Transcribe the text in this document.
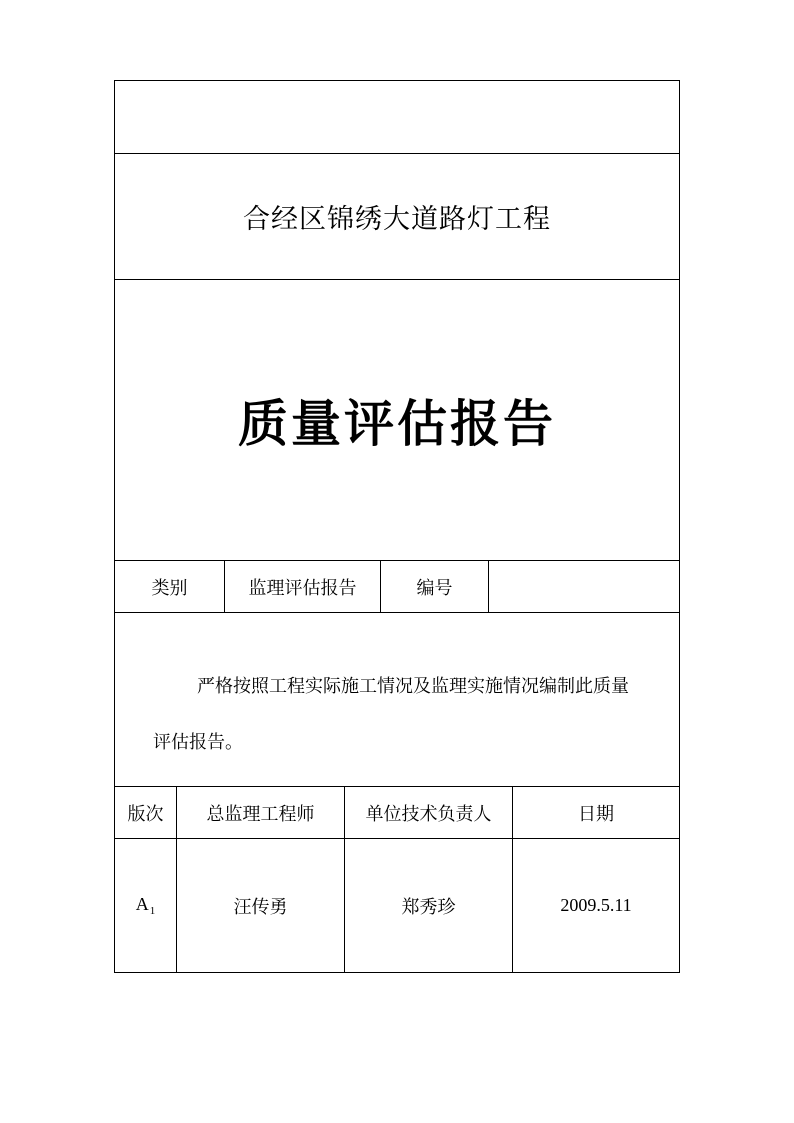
合经区锦绣大道路灯工程
质量评估报告
类别	监理评估报告	编号
严格按照工程实际施工情况及监理实施情况编制此质量评估报告。
版次 总监理工程师	单位技术负责人	日期
$A_1$	汪传勇	郑秀珍	2009.5.11
